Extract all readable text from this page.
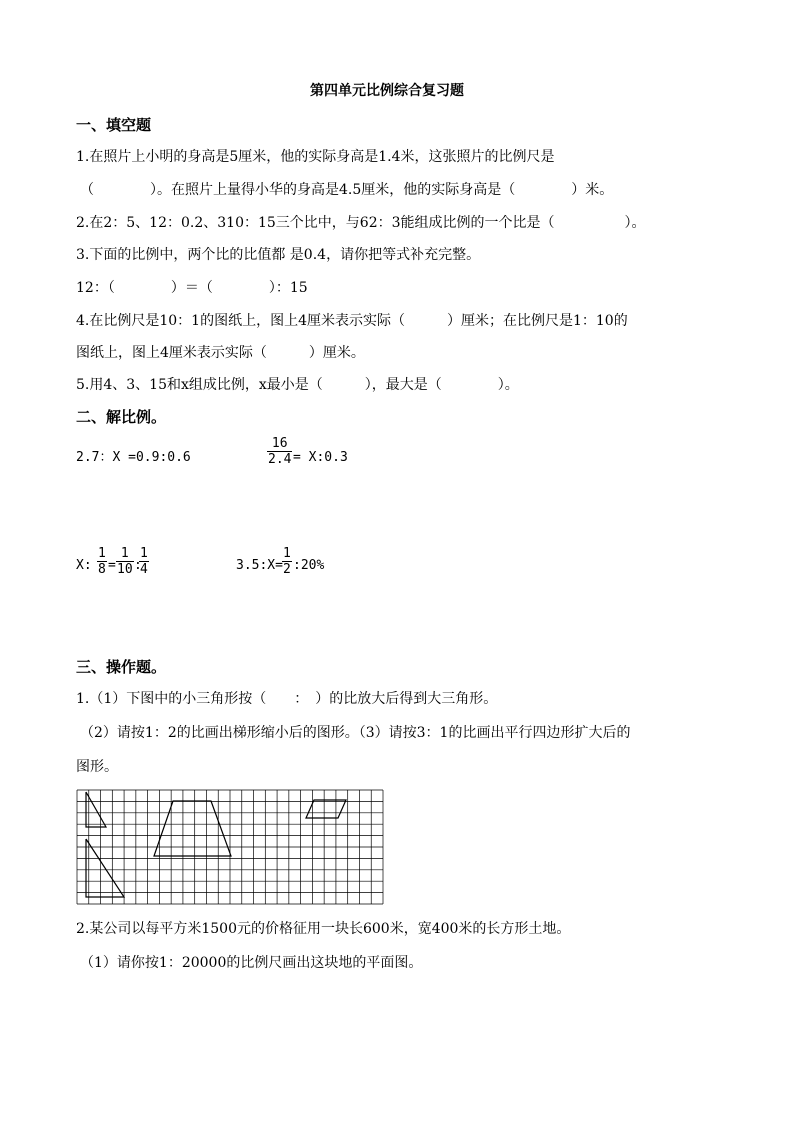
第四单元比例综合复习题
一、填空题
1.在照片上小明的身高是5厘米，他的实际身高是1.4米，这张照片的比例尺是
（　　　　）。在照片上量得小华的身高是4.5厘米，他的实际身高是（　　　　）米。
2.在2：5、12：0.2、310：15三个比中，与62：3能组成比例的一个比是（　　　　　）。
3.下面的比例中，两个比的比值都 是0.4，请你把等式补充完整。
12：（　　　　）＝（　　　　）：15
4.在比例尺是10：1的图纸上，图上4厘米表示实际（　　　）厘米；在比例尺是1：10的
图纸上，图上4厘米表示实际（　　　）厘米。
5.用4、3、15和x组成比例，x最小是（　　　），最大是（　　　　）。
二、解比例。
2.7：X =0.9:0.6	$\frac{16}{2.4}$ = X:0.3
X: $\frac{1}{8} = \frac{1}{10}$ :
$\frac{1}{4}$	3.5:X= $\frac{1}{2}$ :20%
三、操作题。
1.（1）下图中的小三角形按（　　：　）的比放大后得到大三角形。
（2）请按1：2的比画出梯形缩小后的图形。（3）请按3：1的比画出平行四边形扩大后的
图形。
2.某公司以每平方米1500元的价格征用一块长600米，宽400米的长方形土地。
（1）请你按1：20000的比例尺画出这块地的平面图。
